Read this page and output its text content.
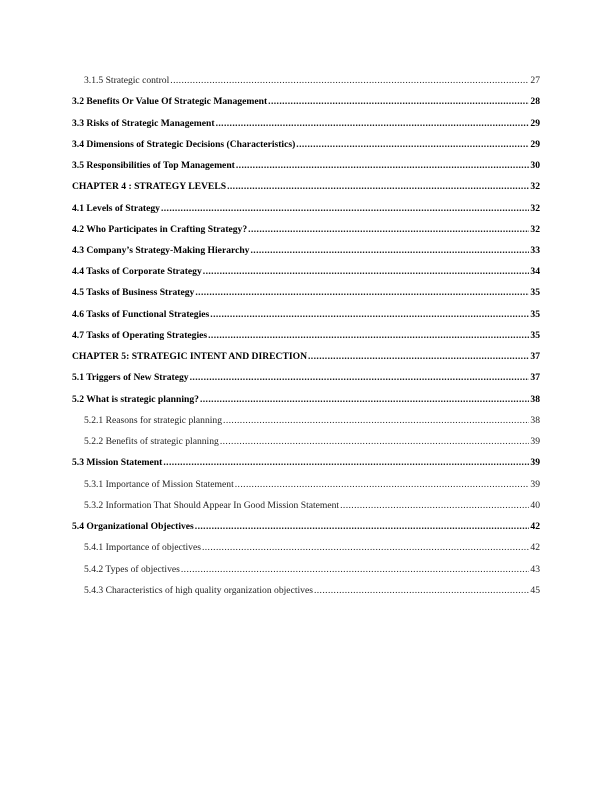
3.1.5 Strategic control .....	27
3.2 Benefits Or Value Of Strategic Management .....	28
3.3 Risks of Strategic Management .....	29
3.4 Dimensions of Strategic Decisions (Characteristics) .....	29
3.5 Responsibilities of Top Management .....	30
CHAPTER 4 : STRATEGY LEVELS .....	32
4.1 Levels of Strategy .....	32
4.2 Who Participates in Crafting Strategy? .....	32
4.3 Company’s Strategy-Making Hierarchy .....	33
4.4 Tasks of Corporate Strategy .....	34
4.5 Tasks of Business Strategy .....	35
4.6 Tasks of Functional Strategies .....	35
4.7 Tasks of Operating Strategies .....	35
CHAPTER 5: STRATEGIC INTENT AND DIRECTION .....	37
5.1 Triggers of New Strategy .....	37
5.2 What is strategic planning? .....	38
5.2.1 Reasons for strategic planning .....	38
5.2.2 Benefits of strategic planning .....	39
5.3 Mission Statement .....	39
5.3.1 Importance of Mission Statement .....	39
5.3.2 Information That Should Appear In Good Mission Statement .....	40
5.4 Organizational Objectives .....	42
5.4.1 Importance of objectives .....	42
5.4.2 Types of objectives .....	43
5.4.3 Characteristics of high quality organization objectives .....	45
